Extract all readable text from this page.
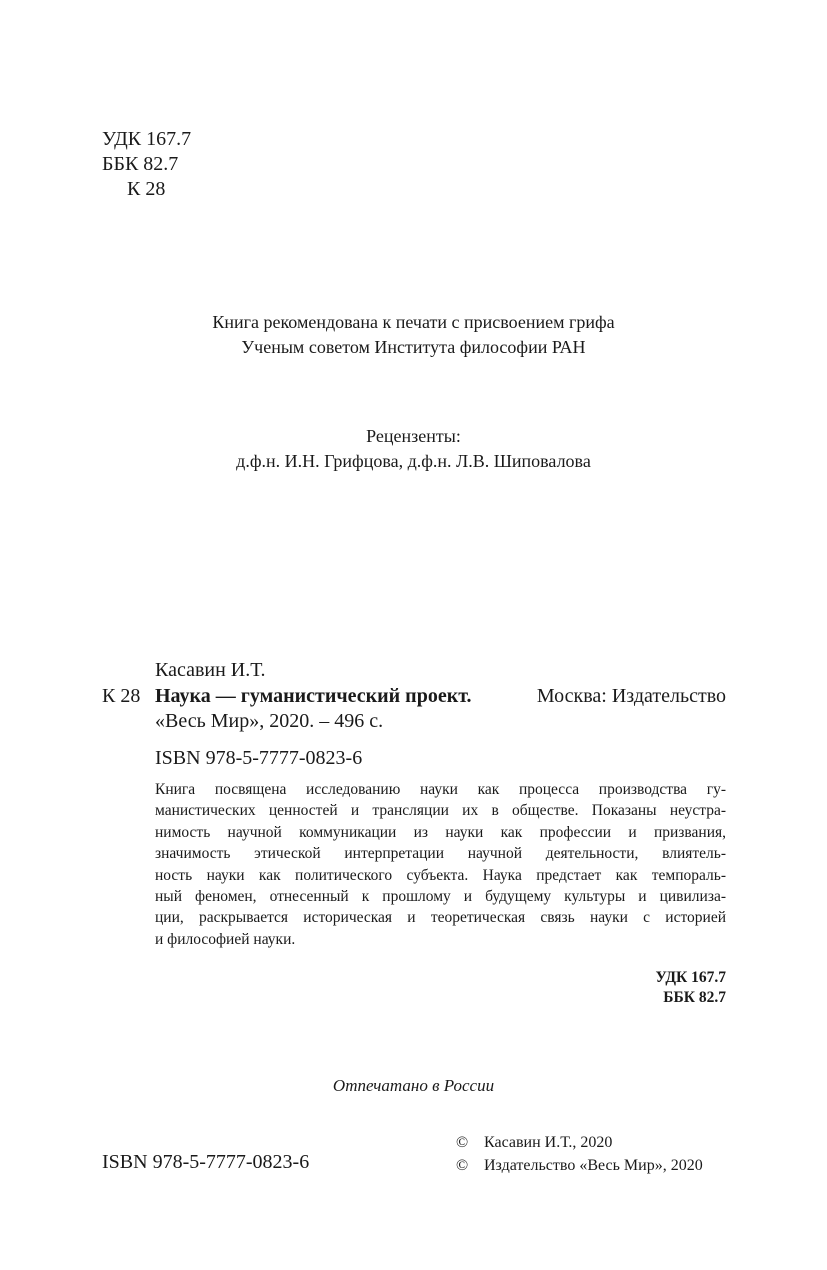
УДК 167.7
ББК 82.7
К 28
Книга рекомендована к печати с присвоением грифа
Ученым советом Института философии РАН
Рецензенты:
д.ф.н. И.Н. Грифцова, д.ф.н. Л.В. Шиповалова
Касавин И.Т.
К 28 Наука — гуманистический проект.	Москва: Издательство
«Весь Мир», 2020. – 496 с.
ISBN 978-5-7777-0823-6
Книга посвящена исследованию науки как процесса производства гу-
манистических ценностей и трансляции их в обществе. Показаны неустра-
нимость научной коммуникации из науки как профессии и призвания,
значимость этической интерпретации научной деятельности, влиятель-
ность науки как политического субъекта. Наука предстает как темпораль-
ный феномен, отнесенный к прошлому и будущему культуры и цивилиза-
ции, раскрывается историческая и теоретическая связь науки с историей
и философией науки.
УДК 167.7
ББК 82.7
Отпечатано в России
ISBN 978-5-7777-0823-6
© Касавин И.Т., 2020
© Издательство «Весь Мир», 2020
